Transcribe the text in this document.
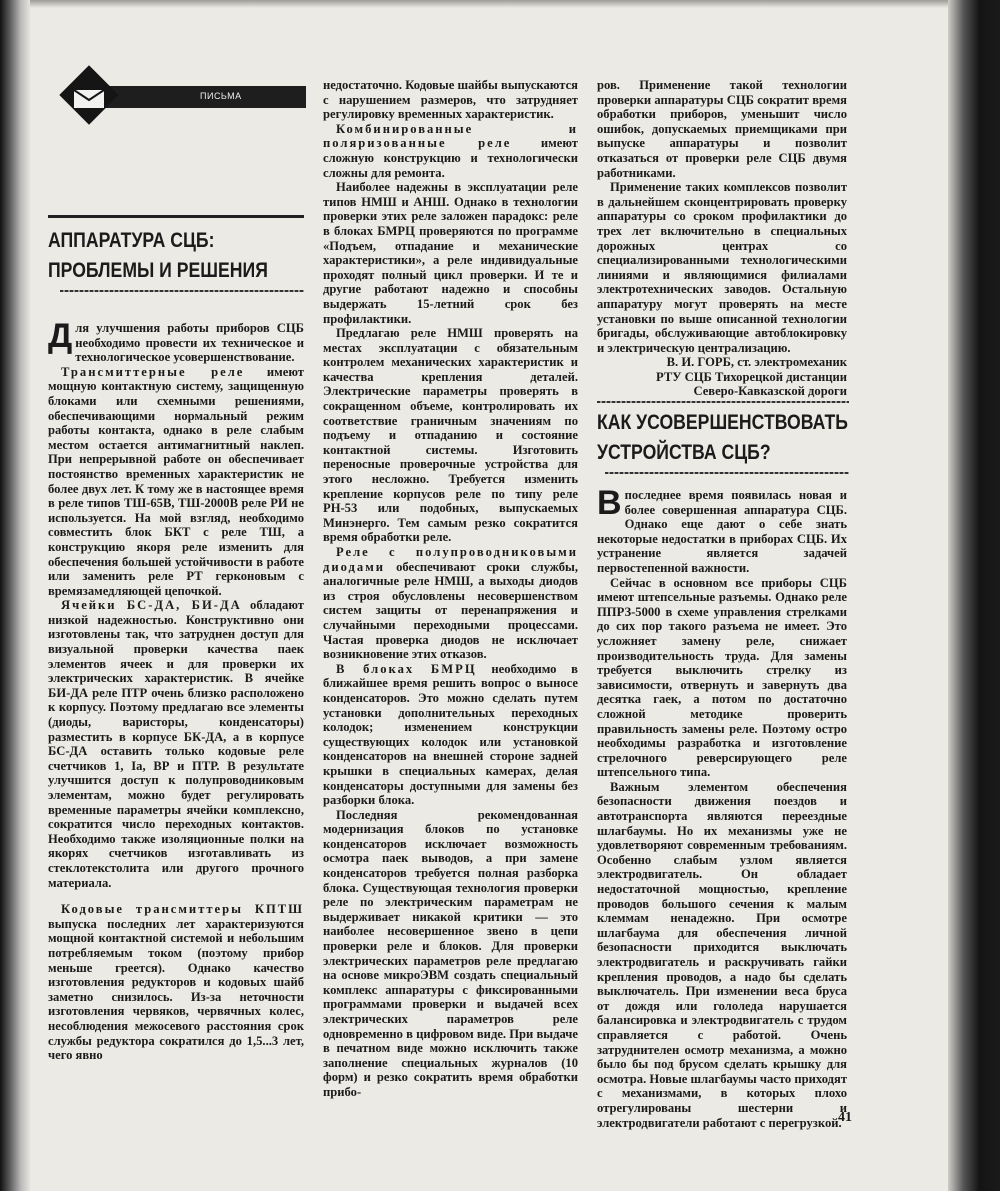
ПИСЬМА
АППАРАТУРА СЦБ:
ПРОБЛЕМЫ И РЕШЕНИЯ

Для улучшения работы приборов СЦБ необходимо провести их техническое и технологическое усовершенствование.

Трансмиттерные реле имеют мощную контактную систему, защищенную блоками или схемными решениями, обеспечивающими нормальный режим работы контакта, однако в реле слабым местом остается антимагнитный наклеп. При непрерывной работе он обеспечивает постоянство временных характеристик не более двух лет. К тому же в настоящее время в реле типов ТШ-65В, ТШ-2000В реле РИ не используется. На мой взгляд, необходимо совместить блок БКТ с реле ТШ, а конструкцию якоря реле изменить для обеспечения большей устойчивости в работе или заменить реле РТ герконовым с времязамедляющей цепочкой.

Ячейки БС-ДА, БИ-ДА обладают низкой надежностью. Конструктивно они изготовлены так, что затруднен доступ для визуальной проверки качества паек элементов ячеек и для проверки их электрических характеристик. В ячейке БИ-ДА реле ПТР очень близко расположено к корпусу. Поэтому предлагаю все элементы (диоды, варисторы, конденсаторы) разместить в корпусе БК-ДА, а в корпусе БС-ДА оставить только кодовые реле счетчиков 1, Iа, ВР и ПТР. В результате улучшится доступ к полупроводниковым элементам, можно будет регулировать временные параметры ячейки комплексно, сократится число переходных контактов. Необходимо также изоляционные полки на якорях счетчиков изготавливать из стеклотекстолита или другого прочного материала.

Кодовые трансмиттеры КПТШ выпуска последних лет характеризуются мощной контактной системой и небольшим потребляемым током (поэтому прибор меньше греется). Однако качество изготовления редукторов и кодовых шайб заметно снизилось. Из-за неточности изготовления червяков, червячных колес, несоблюдения межосевого расстояния срок службы редуктора сократился до 1,5...3 лет, чего явно

недостаточно. Кодовые шайбы выпускаются с нарушением размеров, что затрудняет регулировку временных характеристик.

Комбинированные и поляризованные реле имеют сложную конструкцию и технологически сложны для ремонта.

Наиболее надежны в эксплуатации реле типов НМШ и АНШ. Однако в технологии проверки этих реле заложен парадокс: реле в блоках БМРЦ проверяются по программе «Подъем, отпадание и механические характеристики», а реле индивидуальные проходят полный цикл проверки. И те и другие работают надежно и способны выдержать 15-летний срок без профилактики.

Предлагаю реле НМШ проверять на местах эксплуатации с обязательным контролем механических характеристик и качества крепления деталей. Электрические параметры проверять в сокращенном объеме, контролировать их соответствие граничным значениям по подъему и отпаданию и состояние контактной системы. Изготовить переносные проверочные устройства для этого несложно. Требуется изменить крепление корпусов реле по типу реле РН-53 или подобных, выпускаемых Минэнерго. Тем самым резко сократится время обработки реле.

Реле с полупроводниковыми диодами обеспечивают сроки службы, аналогичные реле НМШ, а выходы диодов из строя обусловлены несовершенством систем защиты от перенапряжения и случайными переходными процессами. Частая проверка диодов не исключает возникновение этих отказов.

В блоках БМРЦ необходимо в ближайшее время решить вопрос о выносе конденсаторов. Это можно сделать путем установки дополнительных переходных колодок; изменением конструкции существующих колодок или установкой конденсаторов на внешней стороне задней крышки в специальных камерах, делая конденсаторы доступными для замены без разборки блока.

Последняя рекомендованная модернизация блоков по установке конденсаторов исключает возможность осмотра паек выводов, а при замене конденсаторов требуется полная разборка блока. Существующая технология проверки реле по электрическим параметрам не выдерживает никакой критики — это наиболее несовершенное звено в цепи проверки реле и блоков. Для проверки электрических параметров реле предлагаю на основе микроЭВМ создать специальный комплекс аппаратуры с фиксированными программами проверки и выдачей всех электрических параметров реле одновременно в цифровом виде. При выдаче в печатном виде можно исключить также заполнение специальных журналов (10 форм) и резко сократить время обработки прибо-

ров. Применение такой технологии проверки аппаратуры СЦБ сократит время обработки приборов, уменьшит число ошибок, допускаемых приемщиками при выпуске аппаратуры и позволит отказаться от проверки реле СЦБ двумя работниками.

Применение таких комплексов позволит в дальнейшем сконцентрировать проверку аппаратуры со сроком профилактики до трех лет включительно в специальных дорожных центрах со специализированными технологическими линиями и являющимися филиалами электротехнических заводов. Остальную аппаратуру могут проверять на месте установки по выше описанной технологии бригады, обслуживающие автоблокировку и электрическую централизацию.

В. И. ГОРБ, ст. электромеханик
РТУ СЦБ Тихорецкой дистанции
Северо-Кавказской дороги
КАК УСОВЕРШЕНСТВОВАТЬ
УСТРОЙСТВА СЦБ?

Впоследнее время появилась новая и более совершенная аппаратура СЦБ. Однако еще дают о себе знать некоторые недостатки в приборах СЦБ. Их устранение является задачей первостепенной важности.

Сейчас в основном все приборы СЦБ имеют штепсельные разъемы. Однако реле ППРЗ-5000 в схеме управления стрелками до сих пор такого разъема не имеет. Это усложняет замену реле, снижает производительность труда. Для замены требуется выключить стрелку из зависимости, отвернуть и завернуть два десятка гаек, а потом по достаточно сложной методике проверить правильность замены реле. Поэтому остро необходимы разработка и изготовление стрелочного реверсирующего реле штепсельного типа.

Важным элементом обеспечения безопасности движения поездов и автотранспорта являются переездные шлагбаумы. Но их механизмы уже не удовлетворяют современным требованиям. Особенно слабым узлом является электродвигатель. Он обладает недостаточной мощностью, крепление проводов большого сечения к малым клеммам ненадежно. При осмотре шлагбаума для обеспечения личной безопасности приходится выключать электродвигатель и раскручивать гайки крепления проводов, а надо бы сделать выключатель. При изменении веса бруса от дождя или гололеда нарушается балансировка и электродвигатель с трудом справляется с работой. Очень затруднителен осмотр механизма, а можно было бы под брусом сделать крышку для осмотра. Новые шлагбаумы часто приходят с механизмами, в которых плохо отрегулированы шестерни и электродвигатели работают с перегрузкой.

41
